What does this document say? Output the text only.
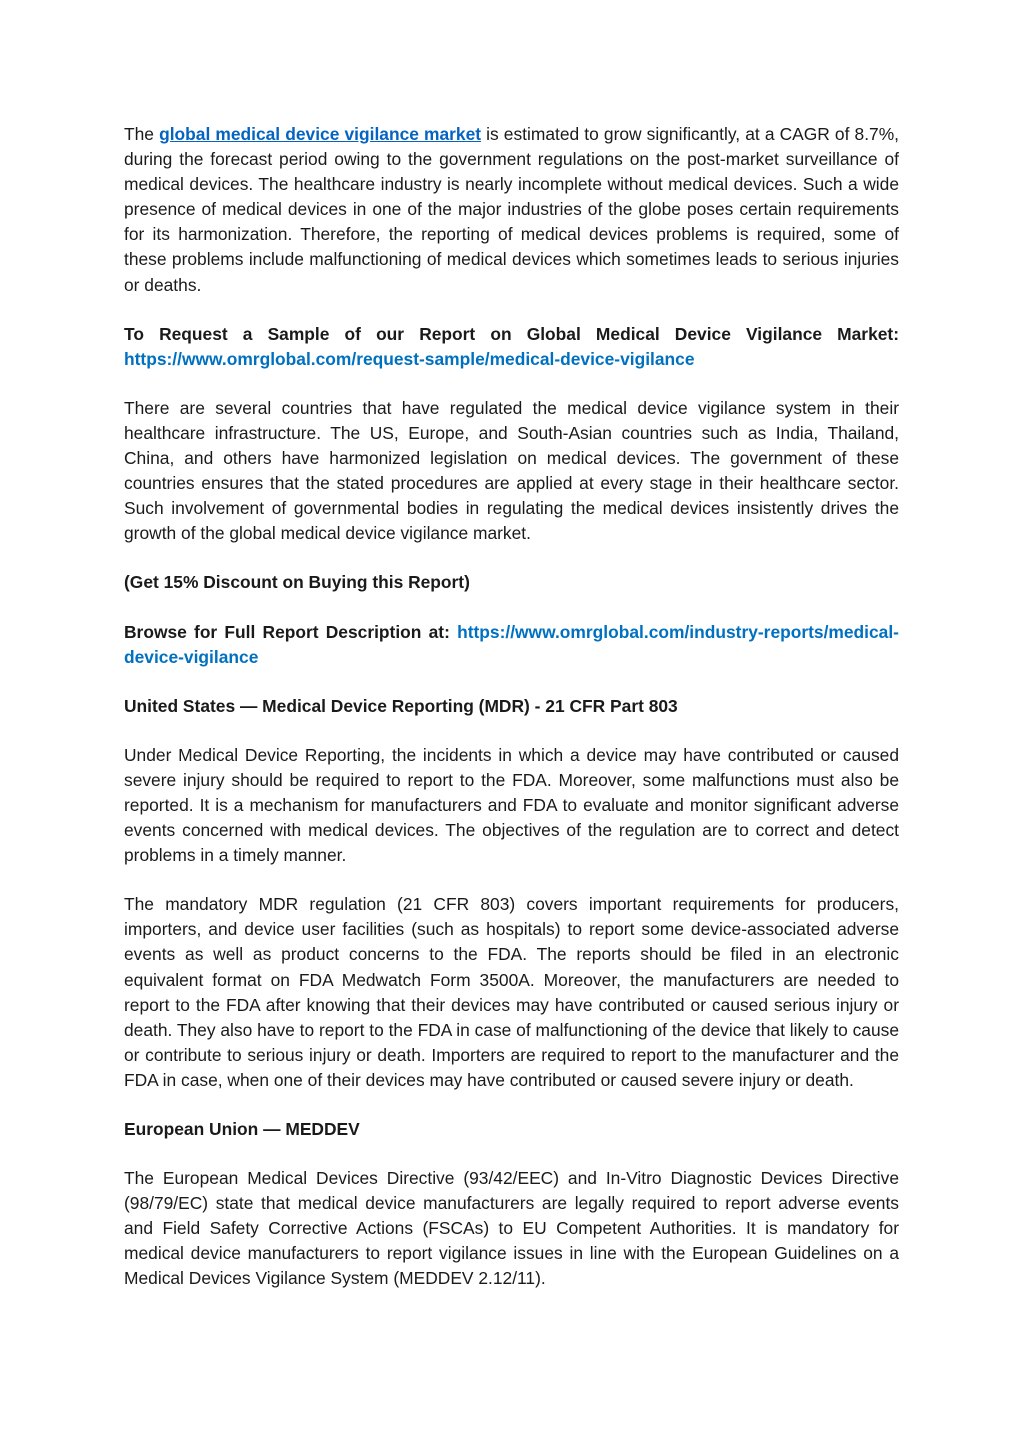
The global medical device vigilance market is estimated to grow significantly, at a CAGR of 8.7%, during the forecast period owing to the government regulations on the post-market surveillance of medical devices. The healthcare industry is nearly incomplete without medical devices. Such a wide presence of medical devices in one of the major industries of the globe poses certain requirements for its harmonization. Therefore, the reporting of medical devices problems is required, some of these problems include malfunctioning of medical devices which sometimes leads to serious injuries or deaths.

To Request a Sample of our Report on Global Medical Device Vigilance Market: https://www.omrglobal.com/request-sample/medical-device-vigilance

There are several countries that have regulated the medical device vigilance system in their healthcare infrastructure. The US, Europe, and South-Asian countries such as India, Thailand, China, and others have harmonized legislation on medical devices. The government of these countries ensures that the stated procedures are applied at every stage in their healthcare sector. Such involvement of governmental bodies in regulating the medical devices insistently drives the growth of the global medical device vigilance market.

(Get 15% Discount on Buying this Report)

Browse for Full Report Description at: https://www.omrglobal.com/industry-reports/medical-device-vigilance

United States — Medical Device Reporting (MDR) - 21 CFR Part 803

Under Medical Device Reporting, the incidents in which a device may have contributed or caused severe injury should be required to report to the FDA. Moreover, some malfunctions must also be reported. It is a mechanism for manufacturers and FDA to evaluate and monitor significant adverse events concerned with medical devices. The objectives of the regulation are to correct and detect problems in a timely manner.

The mandatory MDR regulation (21 CFR 803) covers important requirements for producers, importers, and device user facilities (such as hospitals) to report some device-associated adverse events as well as product concerns to the FDA. The reports should be filed in an electronic equivalent format on FDA Medwatch Form 3500A. Moreover, the manufacturers are needed to report to the FDA after knowing that their devices may have contributed or caused serious injury or death. They also have to report to the FDA in case of malfunctioning of the device that likely to cause or contribute to serious injury or death. Importers are required to report to the manufacturer and the FDA in case, when one of their devices may have contributed or caused severe injury or death.

European Union — MEDDEV

The European Medical Devices Directive (93/42/EEC) and In-Vitro Diagnostic Devices Directive (98/79/EC) state that medical device manufacturers are legally required to report adverse events and Field Safety Corrective Actions (FSCAs) to EU Competent Authorities. It is mandatory for medical device manufacturers to report vigilance issues in line with the European Guidelines on a Medical Devices Vigilance System (MEDDEV 2.12/11).
